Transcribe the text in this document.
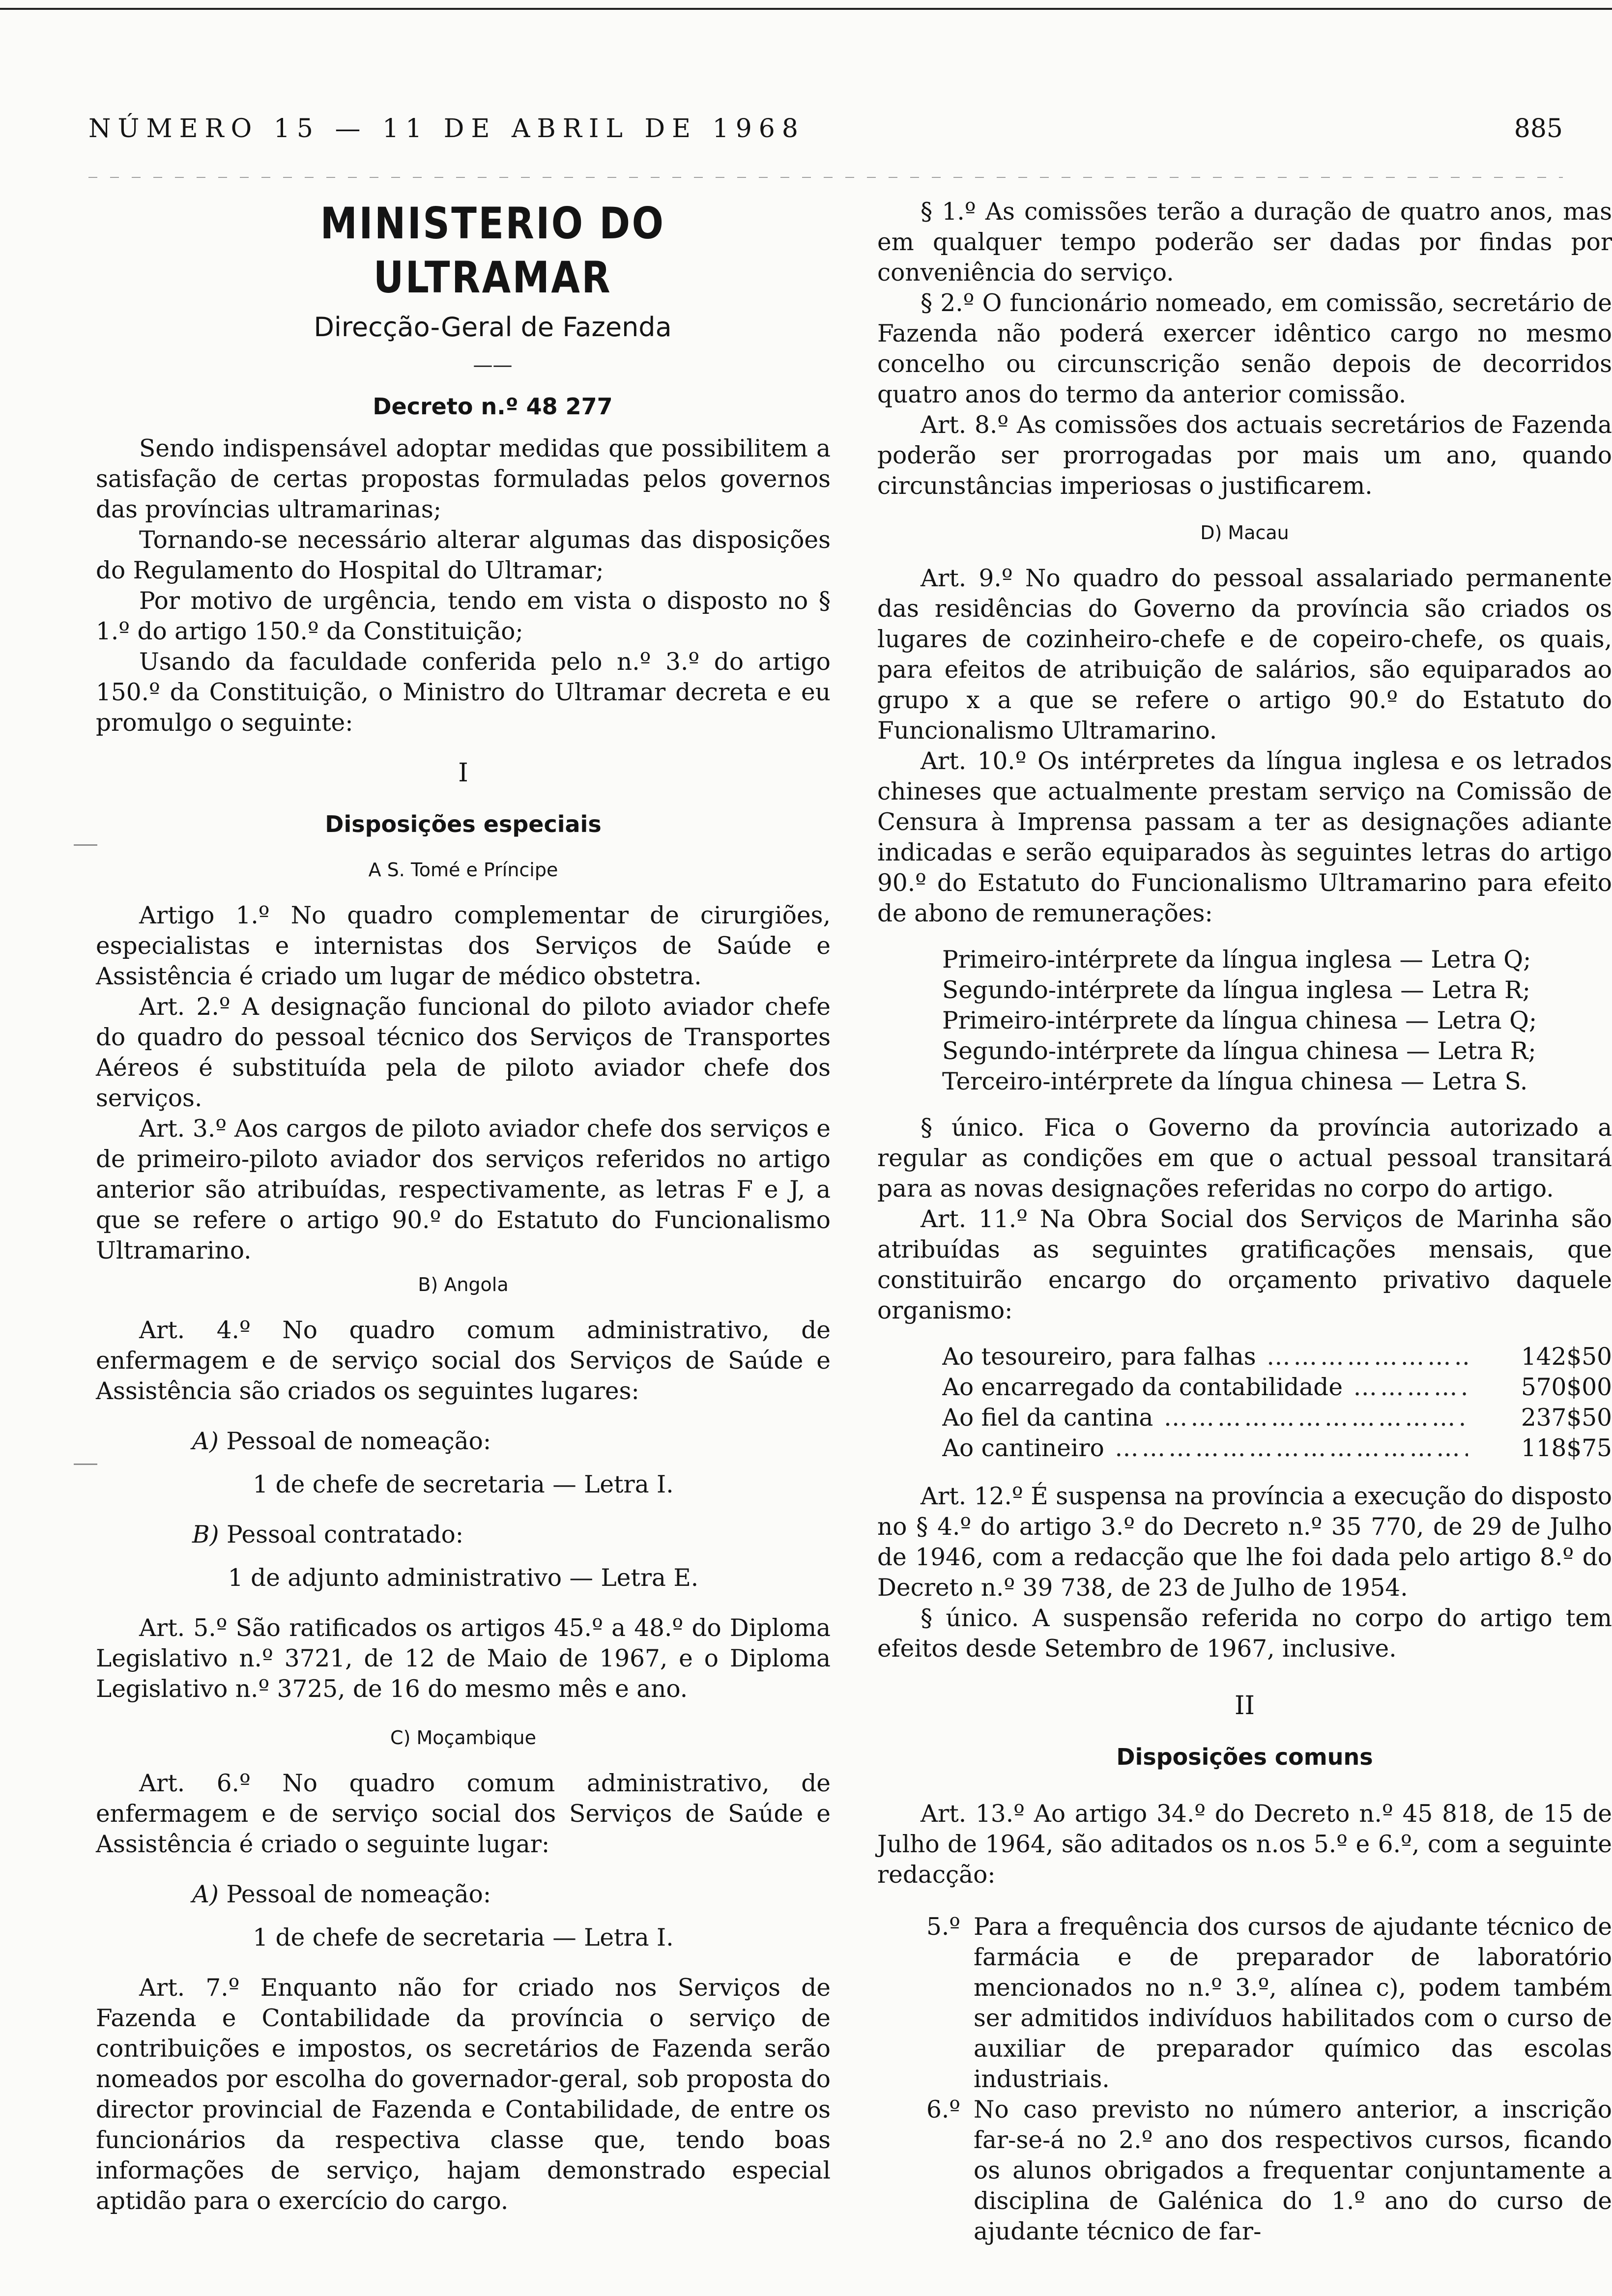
NÚMERO 15 — 11 DE ABRIL DE 1968	885
MINISTERIO DO ULTRAMAR
Direcção-Geral de Fazenda
——
Decreto n.º 48 277

Sendo indispensável adoptar medidas que possibilitem a satisfação de certas propostas formuladas pelos governos das províncias ultramarinas;

Tornando-se necessário alterar algumas das disposições do Regulamento do Hospital do Ultramar;

Por motivo de urgência, tendo em vista o disposto no § 1.º do artigo 150.º da Constituição;

Usando da faculdade conferida pelo n.º 3.º do artigo 150.º da Constituição, o Ministro do Ultramar decreta e eu promulgo o seguinte:

I
Disposições especiais
A S. Tomé e Príncipe

Artigo 1.º No quadro complementar de cirurgiões, especialistas e internistas dos Serviços de Saúde e Assistência é criado um lugar de médico obstetra.

Art. 2.º A designação funcional do piloto aviador chefe do quadro do pessoal técnico dos Serviços de Transportes Aéreos é substituída pela de piloto aviador chefe dos serviços.

Art. 3.º Aos cargos de piloto aviador chefe dos serviços e de primeiro-piloto aviador dos serviços referidos no artigo anterior são atribuídas, respectivamente, as letras F e J, a que se refere o artigo 90.º do Estatuto do Funcionalismo Ultramarino.

B) Angola

Art. 4.º No quadro comum administrativo, de enfermagem e de serviço social dos Serviços de Saúde e Assistência são criados os seguintes lugares:

A) Pessoal de nomeação:
1 de chefe de secretaria — Letra I.
B) Pessoal contratado:
1 de adjunto administrativo — Letra E.

Art. 5.º São ratificados os artigos 45.º a 48.º do Diploma Legislativo n.º 3721, de 12 de Maio de 1967, e o Diploma Legislativo n.º 3725, de 16 do mesmo mês e ano.

C) Moçambique

Art. 6.º No quadro comum administrativo, de enfermagem e de serviço social dos Serviços de Saúde e Assistência é criado o seguinte lugar:

A) Pessoal de nomeação:
1 de chefe de secretaria — Letra I.

Art. 7.º Enquanto não for criado nos Serviços de Fazenda e Contabilidade da província o serviço de contribuições e impostos, os secretários de Fazenda serão nomeados por escolha do governador-geral, sob proposta do director provincial de Fazenda e Contabilidade, de entre os funcionários da respectiva classe que, tendo boas informações de serviço, hajam demonstrado especial aptidão para o exercício do cargo.

§ 1.º As comissões terão a duração de quatro anos, mas em qualquer tempo poderão ser dadas por findas por conveniência do serviço.

§ 2.º O funcionário nomeado, em comissão, secretário de Fazenda não poderá exercer idêntico cargo no mesmo concelho ou circunscrição senão depois de decorridos quatro anos do termo da anterior comissão.

Art. 8.º As comissões dos actuais secretários de Fazenda poderão ser prorrogadas por mais um ano, quando circunstâncias imperiosas o justificarem.

D) Macau

Art. 9.º No quadro do pessoal assalariado permanente das residências do Governo da província são criados os lugares de cozinheiro-chefe e de copeiro-chefe, os quais, para efeitos de atribuição de salários, são equiparados ao grupo x a que se refere o artigo 90.º do Estatuto do Funcionalismo Ultramarino.

Art. 10.º Os intérpretes da língua inglesa e os letrados chineses que actualmente prestam serviço na Comissão de Censura à Imprensa passam a ter as designações adiante indicadas e serão equiparados às seguintes letras do artigo 90.º do Estatuto do Funcionalismo Ultramarino para efeito de abono de remunerações:

Primeiro-intérprete da língua inglesa — Letra Q;
Segundo-intérprete da língua inglesa — Letra R;
Primeiro-intérprete da língua chinesa — Letra Q;
Segundo-intérprete da língua chinesa — Letra R;
Terceiro-intérprete da língua chinesa — Letra S.

§ único. Fica o Governo da província autorizado a regular as condições em que o actual pessoal transitará para as novas designações referidas no corpo do artigo.

Art. 11.º Na Obra Social dos Serviços de Marinha são atribuídas as seguintes gratificações mensais, que constituirão encargo do orçamento privativo daquele organismo:

Ao tesoureiro, para falhas ……………………………………………………………………………………………	142$50
Ao encarregado da contabilidade ……………………………………………………………………………………………	570$00
Ao fiel da cantina ……………………………………………………………………………………………	237$50
Ao cantineiro ……………………………………………………………………………………………	118$75

Art. 12.º É suspensa na província a execução do disposto no § 4.º do artigo 3.º do Decreto n.º 35 770, de 29 de Julho de 1946, com a redacção que lhe foi dada pelo artigo 8.º do Decreto n.º 39 738, de 23 de Julho de 1954.

§ único. A suspensão referida no corpo do artigo tem efeitos desde Setembro de 1967, inclusive.

II
Disposições comuns

Art. 13.º Ao artigo 34.º do Decreto n.º 45 818, de 15 de Julho de 1964, são aditados os n.os 5.º e 6.º, com a seguinte redacção:

5.º Para a frequência dos cursos de ajudante técnico de farmácia e de preparador de laboratório mencionados no n.º 3.º, alínea c), podem também ser admitidos indivíduos habilitados com o curso de auxiliar de preparador químico das escolas industriais.
6.º No caso previsto no número anterior, a inscrição far-se-á no 2.º ano dos respectivos cursos, ficando os alunos obrigados a frequentar conjuntamente a disciplina de Galénica do 1.º ano do curso de ajudante técnico de far-
